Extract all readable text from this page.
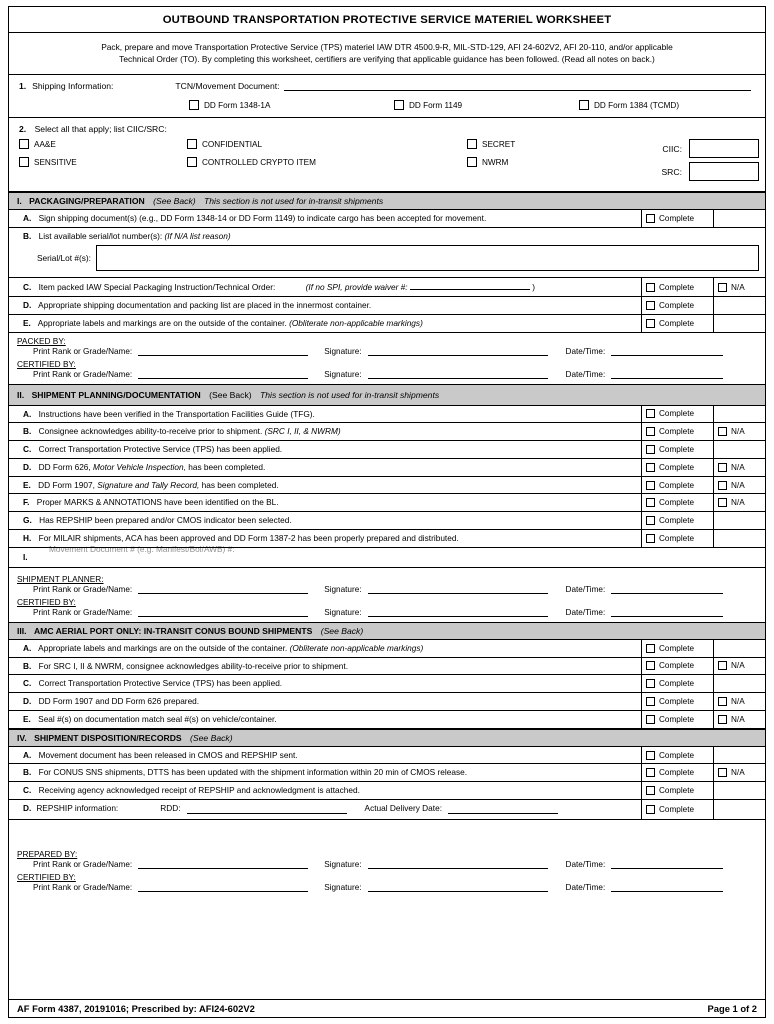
OUTBOUND TRANSPORTATION PROTECTIVE SERVICE MATERIEL WORKSHEET
Pack, prepare and move Transportation Protective Service (TPS) materiel IAW DTR 4500.9-R, MIL-STD-129, AFI 24-602V2, AFI 20-110, and/or applicable
Technical Order (TO). By completing this worksheet, certifiers are verifying that applicable guidance has been followed. (Read all notes on back.)
1. Shipping Information:	TCN/Movement Document:
DD Form 1348-1A	DD Form 1149	DD Form 1384 (TCMD)
2. Select all that apply; list CIIC/SRC:
AA&E
SENSITIVE
CONFIDENTIAL
CONTROLLED CRYPTO ITEM
SECRET
NWRM
CIIC:
SRC:
I. PACKAGING/PREPARATION (See Back) This section is not used for in-transit shipments
A. Sign shipping document(s) (e.g., DD Form 1348-14 or DD Form 1149) to indicate cargo has been accepted for movement.	Complete
B. List available serial/lot number(s): (If N/A list reason)
Serial/Lot #(s):
C. Item packed IAW Special Packaging Instruction/Technical Order:	(If no SPI, provide waiver #:	)	Complete	N/A
D. Appropriate shipping documentation and packing list are placed in the innermost container.	Complete
E. Appropriate labels and markings are on the outside of the container. (Obliterate non-applicable markings)	Complete
PACKED BY:
Print Rank or Grade/Name:	Signature:	Date/Time:
CERTIFIED BY:
Print Rank or Grade/Name:	Signature:	Date/Time:
II. SHIPMENT PLANNING/DOCUMENTATION (See Back) This section is not used for in-transit shipments
A. Instructions have been verified in the Transportation Facilities Guide (TFG).	Complete
B. Consignee acknowledges ability-to-receive prior to shipment. (SRC I, II, & NWRM)	Complete	N/A
C. Correct Transportation Protective Service (TPS) has been applied.	Complete
D. DD Form 626, Motor Vehicle Inspection, has been completed.	Complete	N/A
E. DD Form 1907, Signature and Tally Record, has been completed.	Complete	N/A
F. Proper MARKS & ANNOTATIONS have been identified on the BL.	Complete	N/A
G. Has REPSHIP been prepared and/or CMOS indicator been selected.	Complete
H. For MILAIR shipments, ACA has been approved and DD Form 1387-2 has been properly prepared and distributed.	Complete
I.
Movement Document # (e.g. Manifest/Bol/AWB) #:
SHIPMENT PLANNER:
Print Rank or Grade/Name:	Signature:	Date/Time:
CERTIFIED BY:
Print Rank or Grade/Name:	Signature:	Date/Time:
III. AMC AERIAL PORT ONLY: IN-TRANSIT CONUS BOUND SHIPMENTS (See Back)
A. Appropriate labels and markings are on the outside of the container. (Obliterate non-applicable markings)	Complete
B. For SRC I, II & NWRM, consignee acknowledges ability-to-receive prior to shipment.	Complete	N/A
C. Correct Transportation Protective Service (TPS) has been applied.	Complete
D. DD Form 1907 and DD Form 626 prepared.	Complete	N/A
E. Seal #(s) on documentation match seal #(s) on vehicle/container.	Complete	N/A
IV. SHIPMENT DISPOSITION/RECORDS (See Back)
A. Movement document has been released in CMOS and REPSHIP sent.	Complete
B. For CONUS SNS shipments, DTTS has been updated with the shipment information within 20 min of CMOS release.	Complete	N/A
C. Receiving agency acknowledged receipt of REPSHIP and acknowledgment is attached.	Complete
D. REPSHIP information:	RDD:	Actual Delivery Date:	Complete
PREPARED BY:
Print Rank or Grade/Name:	Signature:	Date/Time:
CERTIFIED BY:
Print Rank or Grade/Name:	Signature:	Date/Time:
AF Form 4387, 20191016; Prescribed by: AFI24-602V2	Page 1 of 2
